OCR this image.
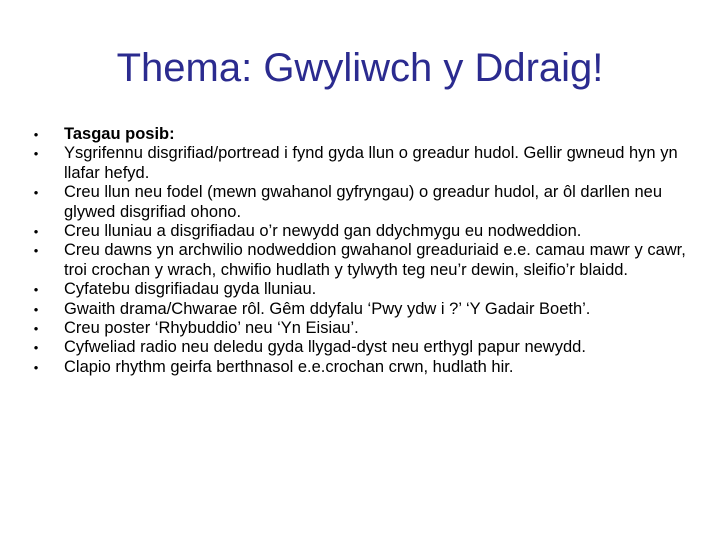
Thema: Gwyliwch y Ddraig!
• Tasgau posib:
• Ysgrifennu disgrifiad/portread i fynd gyda llun o greadur hudol. Gellir gwneud hyn yn llafar hefyd.
• Creu llun neu fodel (mewn gwahanol gyfryngau) o greadur hudol, ar ôl darllen neu glywed disgrifiad ohono.
• Creu lluniau a disgrifiadau o’r newydd gan ddychmygu eu nodweddion.
• Creu dawns yn archwilio nodweddion gwahanol greaduriaid e.e. camau mawr y cawr, troi crochan y wrach, chwifio hudlath y tylwyth teg neu’r dewin, sleifio’r blaidd.
• Cyfatebu disgrifiadau gyda lluniau.
• Gwaith drama/Chwarae rôl. Gêm ddyfalu ‘Pwy ydw i ?’ ‘Y Gadair Boeth’.
• Creu poster ‘Rhybuddio’ neu ‘Yn Eisiau’.
• Cyfweliad radio neu deledu gyda llygad-dyst neu erthygl papur newydd.
• Clapio rhythm geirfa berthnasol e.e.crochan crwn, hudlath hir.
